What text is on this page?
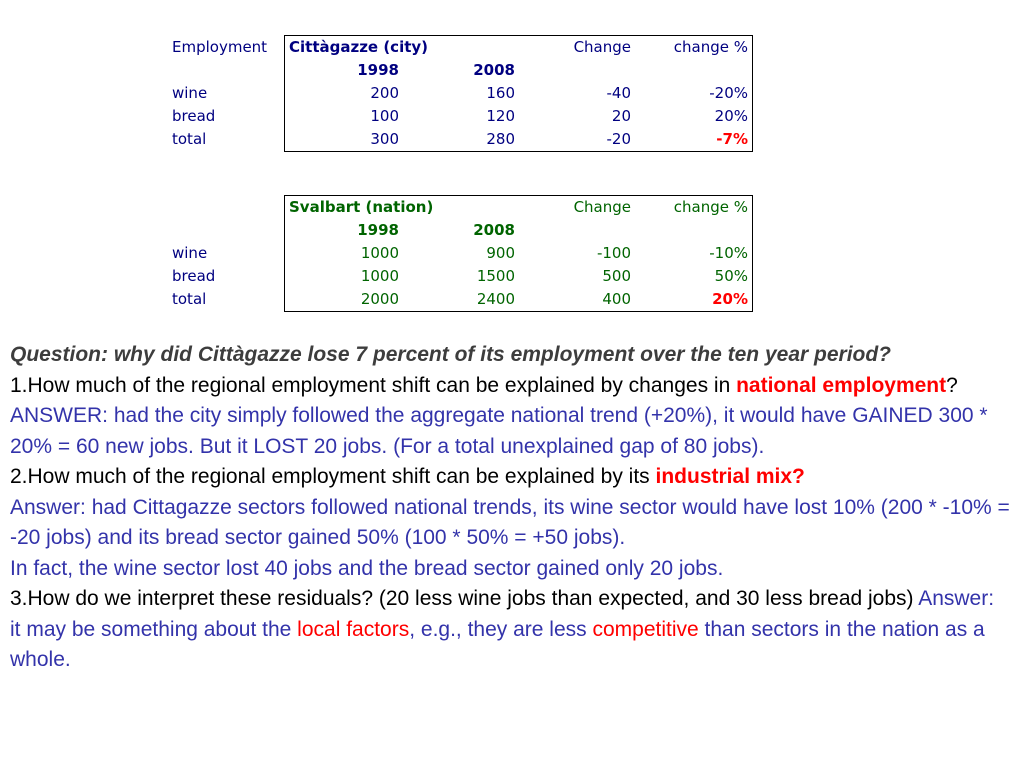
Employment	Cittàgazze (city)		Change	change %
	1998	2008		
wine	200	160	-40	-20%
bread	100	120	20	20%
total	300	280	-20	-7%
	Svalbart (nation)		Change	change %
	1998	2008		
wine	1000	900	-100	-10%
bread	1000	1500	500	50%
total	2000	2400	400	20%

Question: why did Cittàgazze lose 7 percent of its employment over the ten year period?

1.How much of the regional employment shift can be explained by changes in national employment? ANSWER: had the city simply followed the aggregate national trend (+20%), it would have GAINED 300 * 20% = 60 new jobs. But it LOST 20 jobs. (For a total unexplained gap of 80 jobs).

2.How much of the regional employment shift can be explained by its industrial mix?
Answer: had Cittagazze sectors followed national trends, its wine sector would have lost 10% (200 * -10% = -20 jobs) and its bread sector gained 50% (100 * 50% = +50 jobs).
In fact, the wine sector lost 40 jobs and the bread sector gained only 20 jobs.

3.How do we interpret these residuals? (20 less wine jobs than expected, and 30 less bread jobs) Answer: it may be something about the local factors, e.g., they are less competitive than sectors in the nation as a whole.
